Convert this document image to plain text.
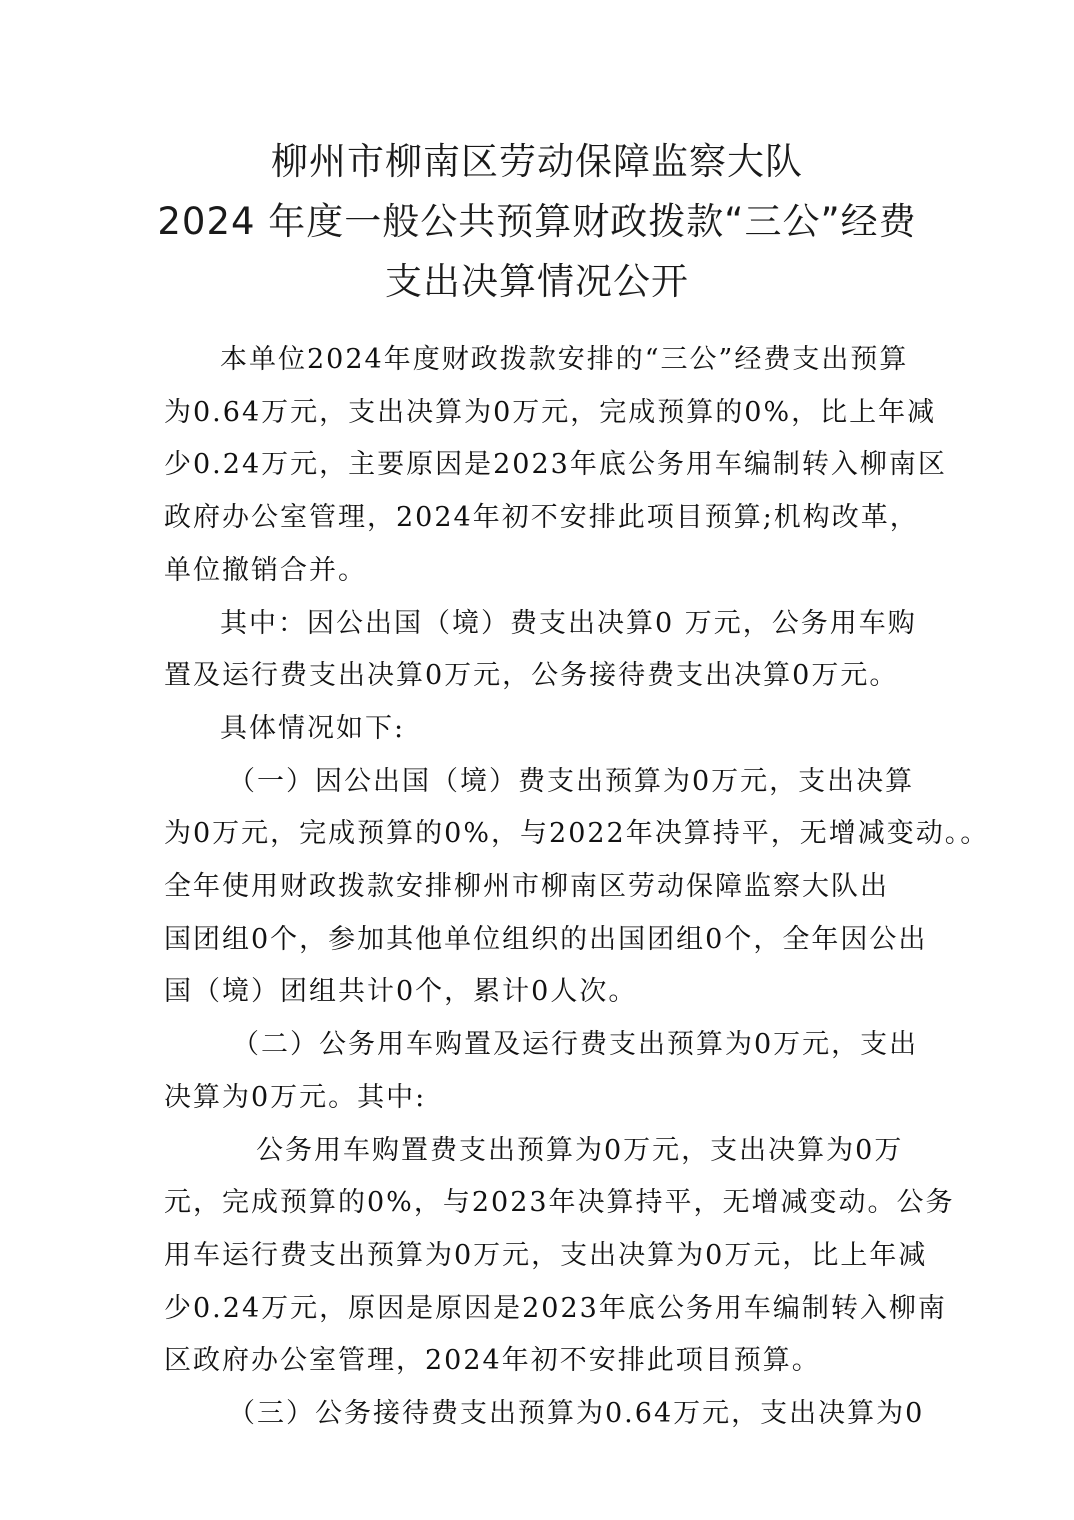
柳州市柳南区劳动保障监察大队
2024 年度一般公共预算财政拨款“三公”经费
支出决算情况公开

本单位2024年度财政拨款安排的“三公”经费支出预算
为0.64万元，支出决算为0万元，完成预算的0%，比上年减
少0.24万元，主要原因是2023年底公务用车编制转入柳南区
政府办公室管理，2024年初不安排此项目预算;机构改革，
单位撤销合并。

其中：因公出国（境）费支出决算0 万元，公务用车购
置及运行费支出决算0万元，公务接待费支出决算0万元。

具体情况如下:

（一）因公出国（境）费支出预算为0万元，支出决算
为0万元，完成预算的0%，与2022年决算持平，无增减变动。。
全年使用财政拨款安排柳州市柳南区劳动保障监察大队出
国团组0个，参加其他单位组织的出国团组0个，全年因公出
国（境）团组共计0个，累计0人次。

（二）公务用车购置及运行费支出预算为0万元，支出
决算为0万元。其中:

公务用车购置费支出预算为0万元，支出决算为0万
元，完成预算的0%，与2023年决算持平，无增减变动。公务
用车运行费支出预算为0万元，支出决算为0万元，比上年减
少0.24万元，原因是原因是2023年底公务用车编制转入柳南
区政府办公室管理，2024年初不安排此项目预算。

（三）公务接待费支出预算为0.64万元，支出决算为0
